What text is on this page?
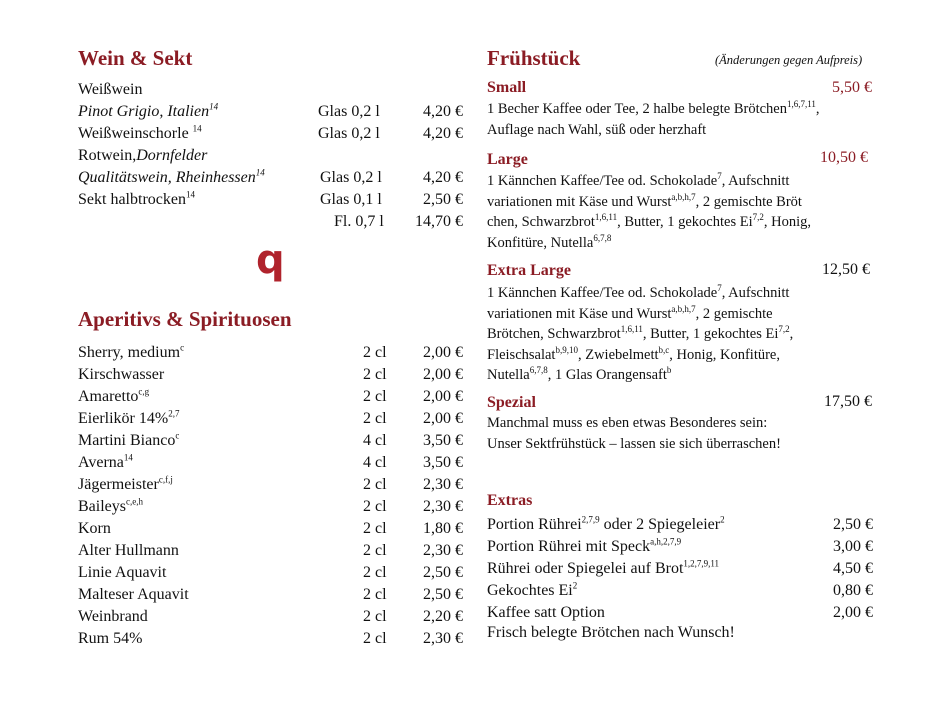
Wein & Sekt
Weißwein
Pinot Grigio, Italien$^{14}$	Glas 0,2 l	4,20 €
Weißweinschorle $^{14}$	Glas 0,2 l	4,20 €
Rotwein,Dornfelder
Qualitätswein, Rheinhessen$^{14}$	Glas 0,2 l	4,20 €
Sekt halbtrocken$^{14}$	Glas 0,1 l	2,50 €
Fl. 0,7 l	14,70 €
q
Aperitivs & Spirituosen
Sherry, medium$^c$	2 cl 2,00 €
Kirschwasser	2 cl 2,00 €
Amaretto$^{c,g}$	2 cl 2,00 €
Eierlikör 14%$^{2,7}$	2 cl 2,00 €
Martini Bianco$^c$	4 cl 3,50 €
Averna$^{14}$	4 cl 3,50 €
Jägermeister$^{c,f,j}$	2 cl 2,30 €
Baileys$^{c,e,h}$	2 cl 2,30 €
Korn	2 cl 1,80 €
Alter Hullmann	2 cl 2,30 €
Linie Aquavit	2 cl 2,50 €
Malteser Aquavit	2 cl 2,50 €
Weinbrand	2 cl 2,20 €
Rum 54%	2 cl 2,30 €
Frühstück	(Änderungen gegen Aufpreis)
Small	5,50 €
1 Becher Kaffee oder Tee, 2 halbe belegte Brötchen$^{1,6,7,11}$,
Auflage nach Wahl, süß oder herzhaft
Large	10,50 €
1 Kännchen Kaffee/Tee od. Schokolade$^7$, Aufschnitt
variationen mit Käse und Wurst$^{a,b,h,7}$, 2 gemischte Bröt
chen, Schwarzbrot$^{1,6,11}$, Butter, 1 gekochtes Ei$^{7,2}$, Honig,
Konfitüre, Nutella$^{6,7,8}$
Extra Large	12,50 €
1 Kännchen Kaffee/Tee od. Schokolade$^7$, Aufschnitt
variationen mit Käse und Wurst$^{a,b,h,7}$, 2 gemischte
Brötchen, Schwarzbrot$^{1,6,11}$, Butter, 1 gekochtes Ei$^{7,2}$,
Fleischsalat$^{b,9,10}$, Zwiebelmett$^{b,c}$, Honig, Konfitüre,
Nutella$^{6,7,8}$, 1 Glas Orangensaft$^b$
Spezial	17,50 €
Manchmal muss es eben etwas Besonderes sein:
Unser Sektfrühstück – lassen sie sich überraschen!
Extras
Portion Rührei$^{2,7,9}$ oder 2 Spiegeleier$^2$	2,50 €
Portion Rührei mit Speck$^{a,h,2,7,9}$	3,00 €
Rührei oder Spiegelei auf Brot$^{1,2,7,9,11}$	4,50 €
Gekochtes Ei$^2$	0,80 €
Kaffee satt Option	2,00 €
Frisch belegte Brötchen nach Wunsch!
